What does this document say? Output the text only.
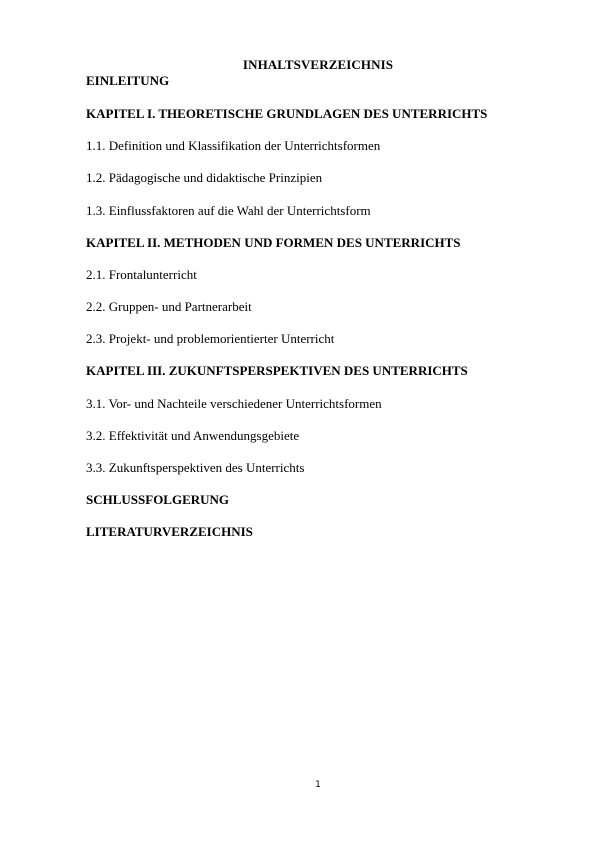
INHALTSVERZEICHNIS
EINLEITUNG
KAPITEL I. THEORETISCHE GRUNDLAGEN DES UNTERRICHTS
1.1. Definition und Klassifikation der Unterrichtsformen
1.2. Pädagogische und didaktische Prinzipien
1.3. Einflussfaktoren auf die Wahl der Unterrichtsform
KAPITEL II. METHODEN UND FORMEN DES UNTERRICHTS
2.1. Frontalunterricht
2.2. Gruppen- und Partnerarbeit
2.3. Projekt- und problemorientierter Unterricht
KAPITEL III. ZUKUNFTSPERSPEKTIVEN DES UNTERRICHTS
3.1. Vor- und Nachteile verschiedener Unterrichtsformen
3.2. Effektivität und Anwendungsgebiete
3.3. Zukunftsperspektiven des Unterrichts
SCHLUSSFOLGERUNG
LITERATURVERZEICHNIS
1
